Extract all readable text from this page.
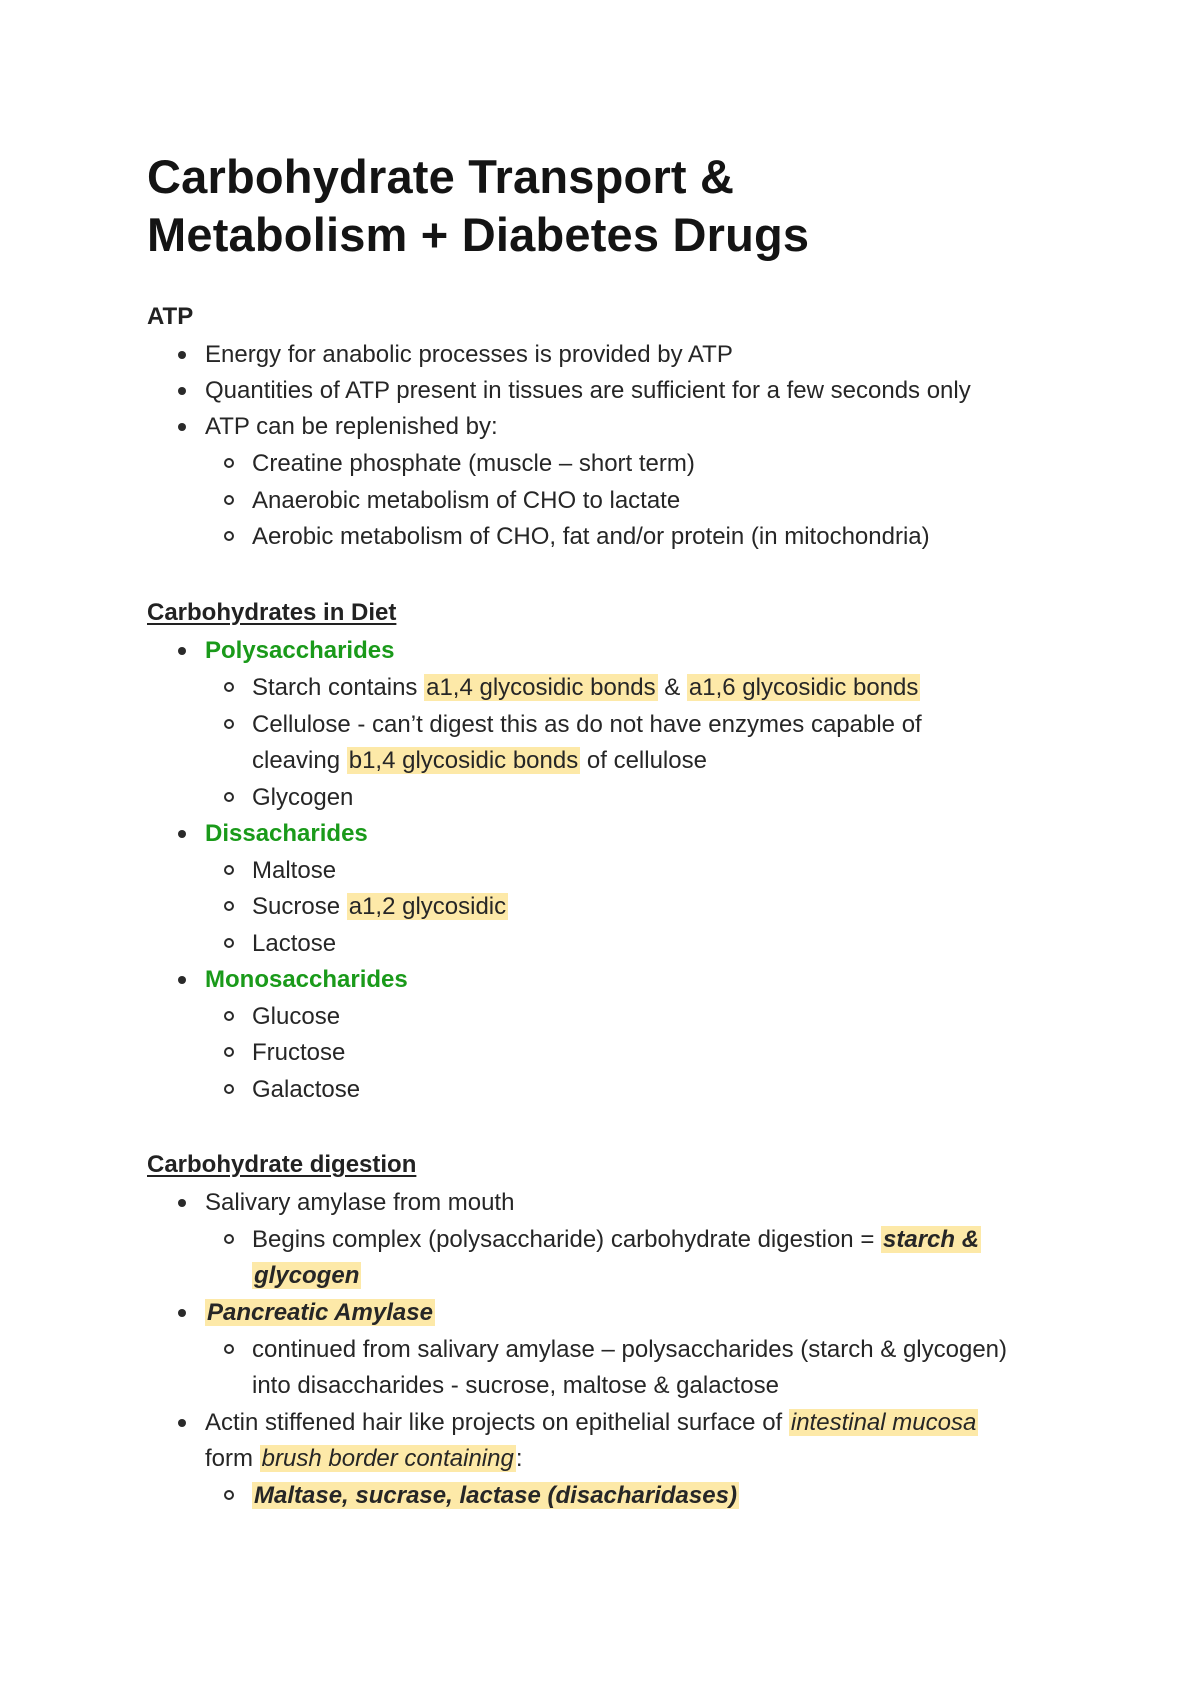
Carbohydrate Transport &
Metabolism + Diabetes Drugs
ATP
Energy for anabolic processes is provided by ATP
Quantities of ATP present in tissues are sufficient for a few seconds only
ATP can be replenished by:
Creatine phosphate (muscle – short term)
Anaerobic metabolism of CHO to lactate
Aerobic metabolism of CHO, fat and/or protein (in mitochondria)
Carbohydrates in Diet
Polysaccharides
Starch contains a1,4 glycosidic bonds & a1,6 glycosidic bonds
Cellulose - can’t digest this as do not have enzymes capable of
cleaving b1,4 glycosidic bonds of cellulose
Glycogen
Dissacharides
Maltose
Sucrose a1,2 glycosidic
Lactose
Monosaccharides
Glucose
Fructose
Galactose
Carbohydrate digestion
Salivary amylase from mouth
Begins complex (polysaccharide) carbohydrate digestion = starch &
glycogen
Pancreatic Amylase
continued from salivary amylase – polysaccharides (starch & glycogen)
into disaccharides - sucrose, maltose & galactose
Actin stiffened hair like projects on epithelial surface of intestinal mucosa
form brush border containing:
Maltase, sucrase, lactase (disacharidases)
